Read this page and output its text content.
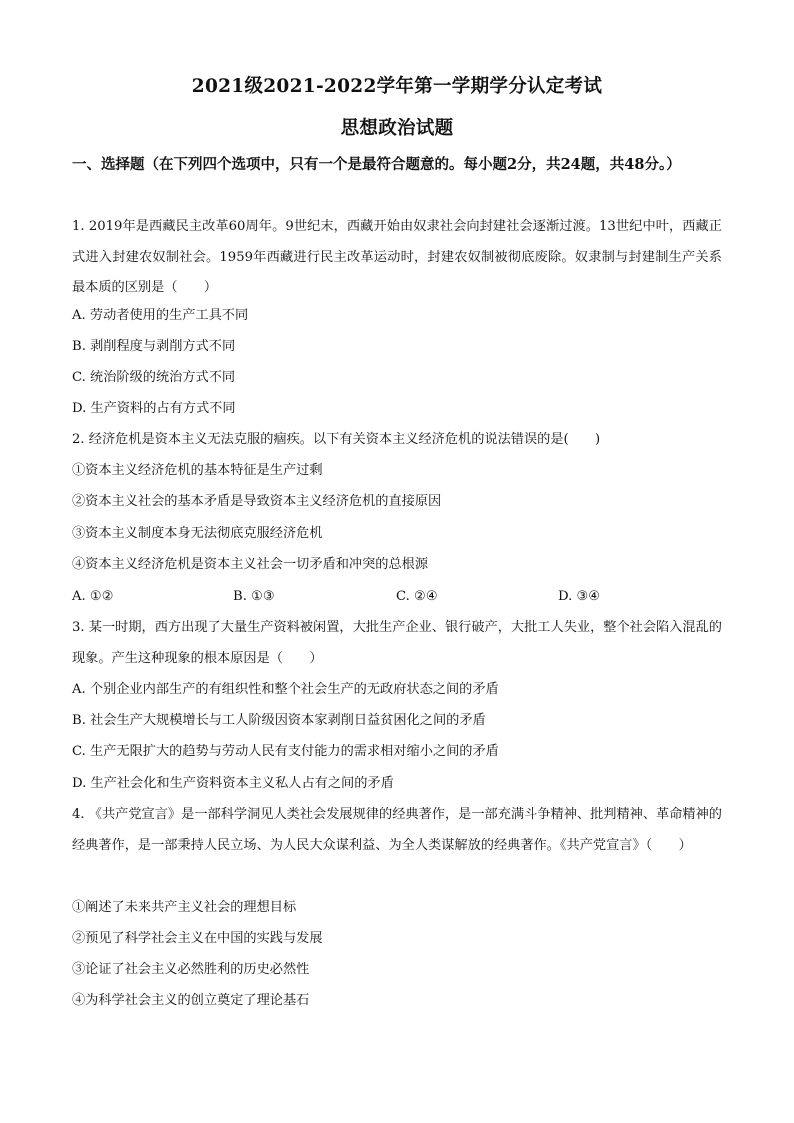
2021级2021-2022学年第一学期学分认定考试
思想政治试题
一、选择题（在下列四个选项中，只有一个是最符合题意的。每小题2分，共24题，共48分。）
1. 2019年是西藏民主改革60周年。9世纪末，西藏开始由奴隶社会向封建社会逐渐过渡。13世纪中叶，西藏正式进入封建农奴制社会。1959年西藏进行民主改革运动时，封建农奴制被彻底废除。奴隶制与封建制生产关系最本质的区别是（　　）
A. 劳动者使用的生产工具不同
B. 剥削程度与剥削方式不同
C. 统治阶级的统治方式不同
D. 生产资料的占有方式不同
2. 经济危机是资本主义无法克服的痼疾。以下有关资本主义经济危机的说法错误的是(　　)
①资本主义经济危机的基本特征是生产过剩
②资本主义社会的基本矛盾是导致资本主义经济危机的直接原因
③资本主义制度本身无法彻底克服经济危机
④资本主义经济危机是资本主义社会一切矛盾和冲突的总根源
A. ①②	B. ①③	C. ②④	D. ③④
3. 某一时期，西方出现了大量生产资料被闲置，大批生产企业、银行破产，大批工人失业，整个社会陷入混乱的现象。产生这种现象的根本原因是（　　）
A. 个别企业内部生产的有组织性和整个社会生产的无政府状态之间的矛盾
B. 社会生产大规模增长与工人阶级因资本家剥削日益贫困化之间的矛盾
C. 生产无限扩大的趋势与劳动人民有支付能力的需求相对缩小之间的矛盾
D. 生产社会化和生产资料资本主义私人占有之间的矛盾
4. 《共产党宣言》是一部科学洞见人类社会发展规律的经典著作，是一部充满斗争精神、批判精神、革命精神的经典著作，是一部秉持人民立场、为人民大众谋利益、为全人类谋解放的经典著作。《共产党宣言》（　　）
①阐述了未来共产主义社会的理想目标
②预见了科学社会主义在中国的实践与发展
③论证了社会主义必然胜利的历史必然性
④为科学社会主义的创立奠定了理论基石
